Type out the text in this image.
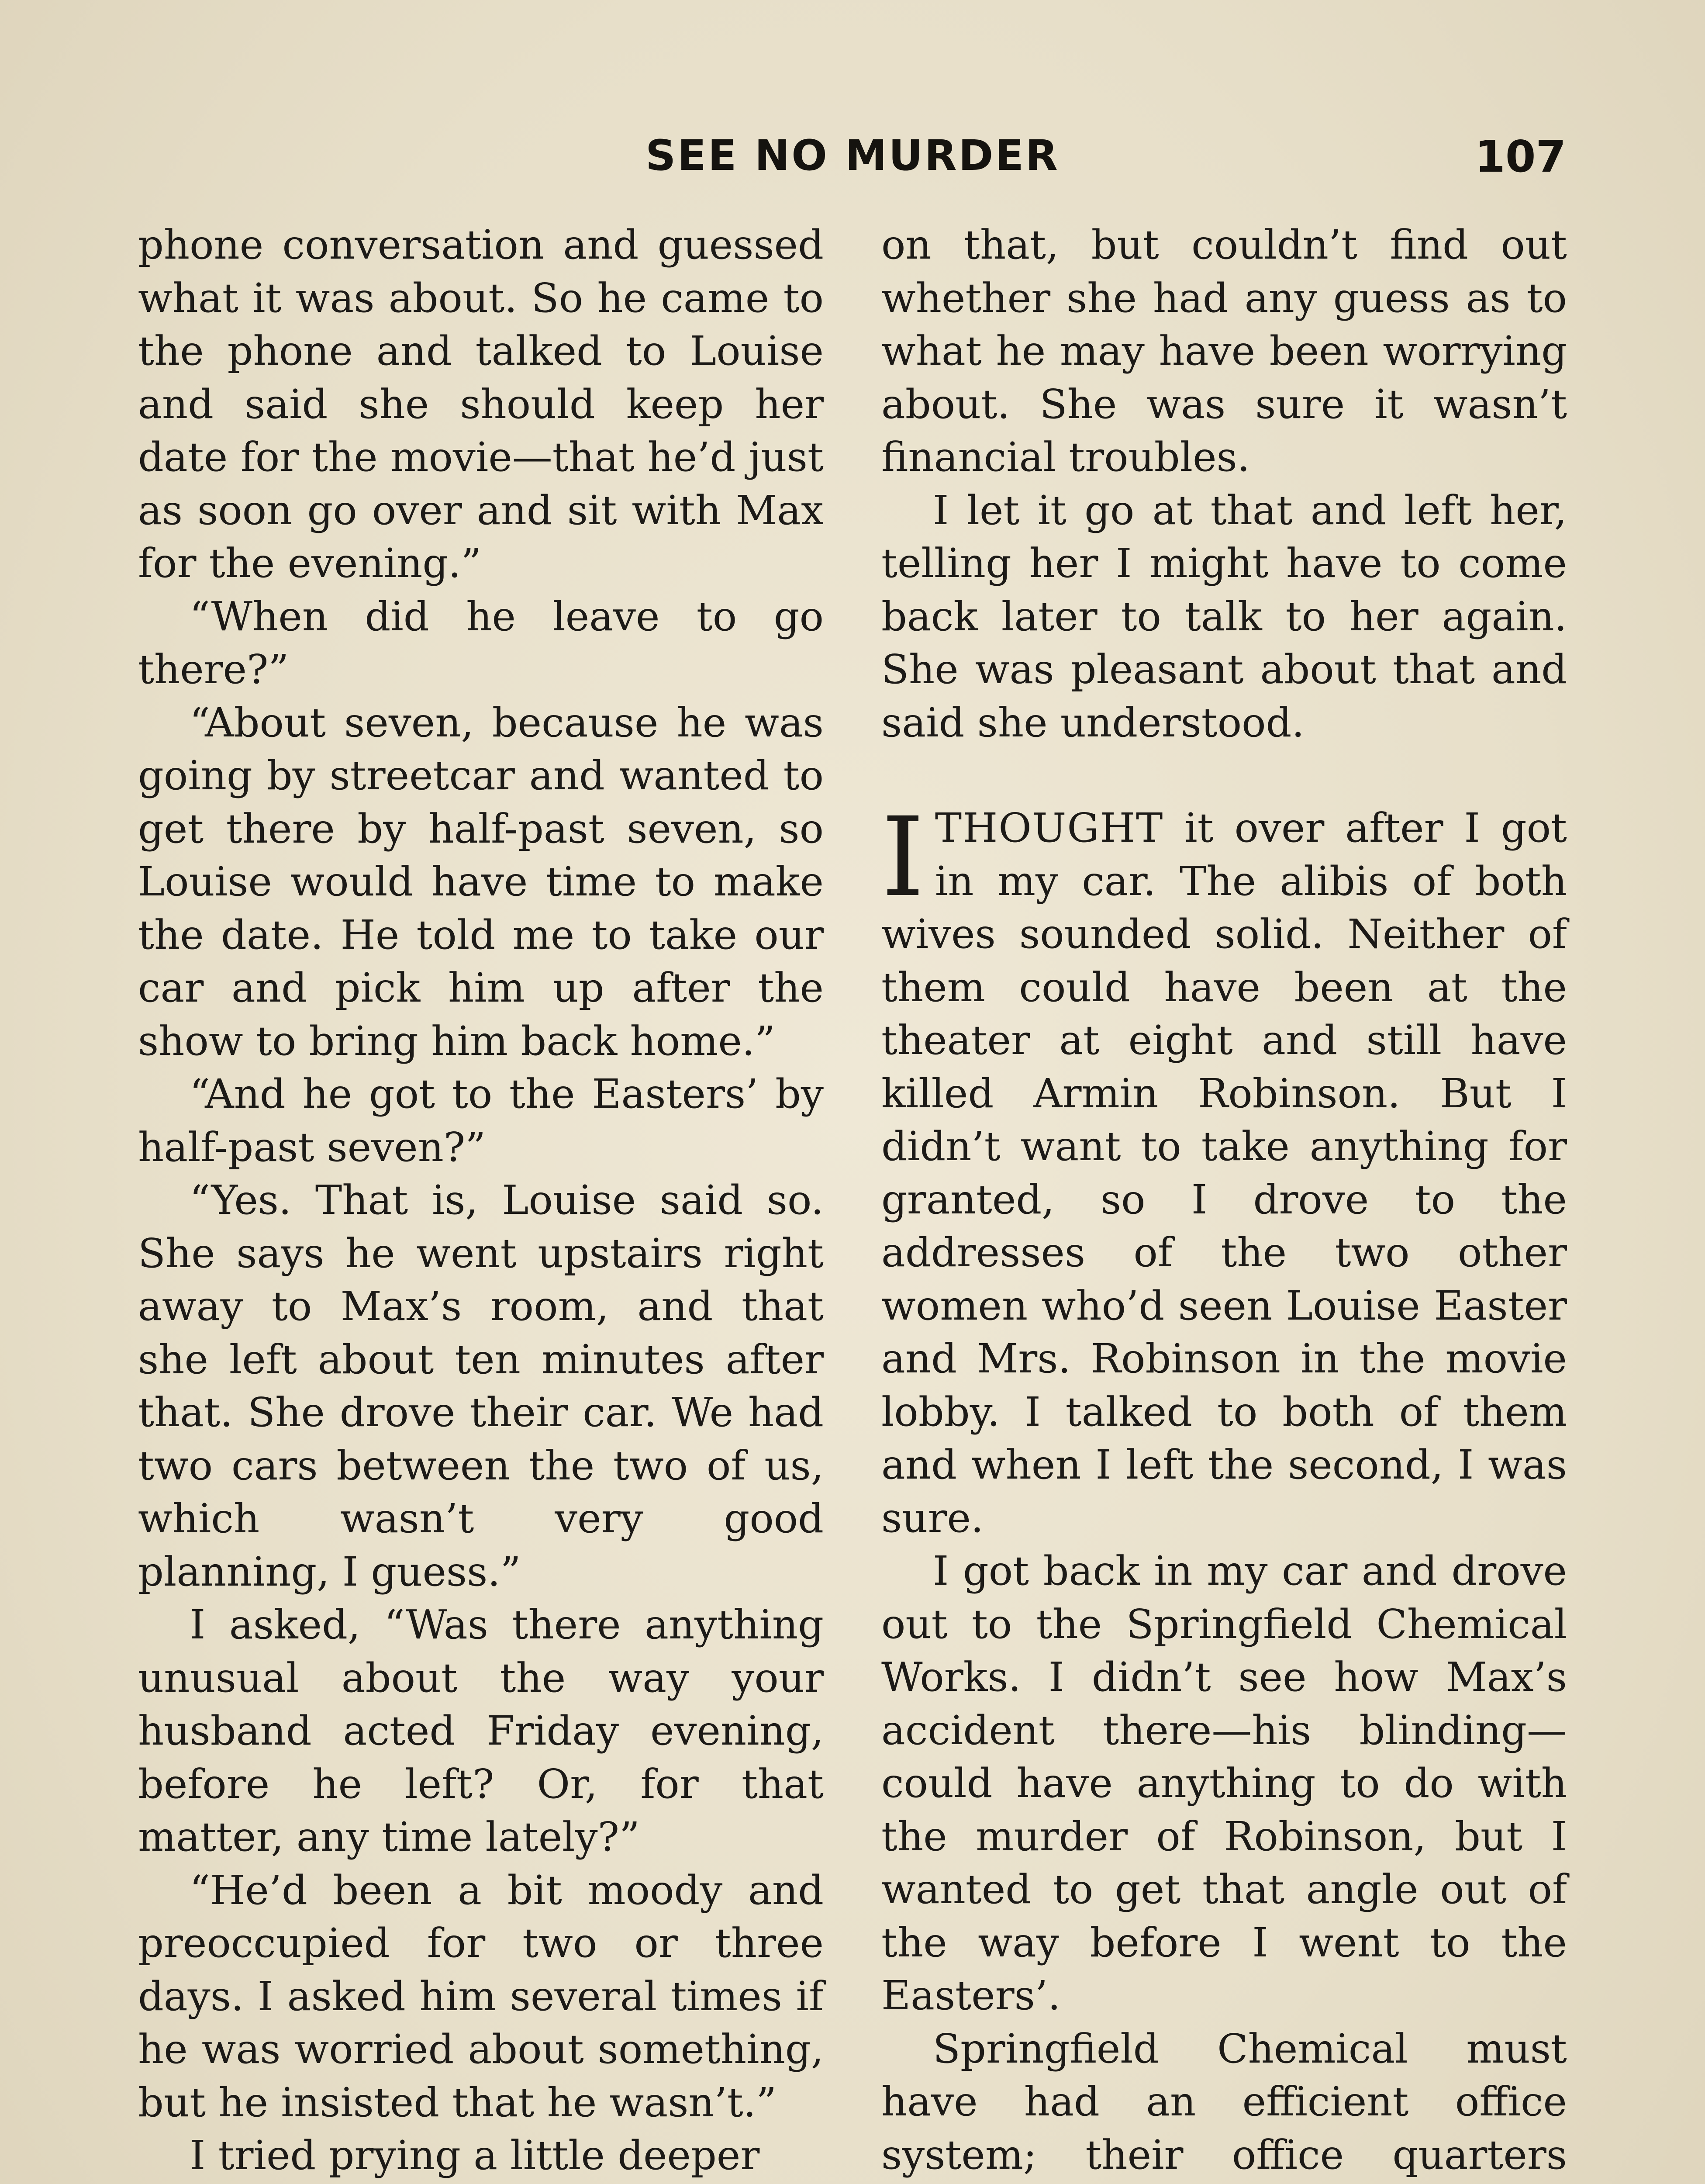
SEE NO MURDER	107

phone conversation and guessed what it was about. So he came to the phone and talked to Louise and said she should keep her date for the movie—that he’d just as soon go over and sit with Max for the evening.”

“When did he leave to go there?”

“About seven, because he was going by streetcar and wanted to get there by half-past seven, so Louise would have time to make the date. He told me to take our car and pick him up after the show to bring him back home.”

“And he got to the Easters’ by half-past seven?”

“Yes. That is, Louise said so. She says he went upstairs right away to Max’s room, and that she left about ten minutes after that. She drove their car. We had two cars between the two of us, which wasn’t very good planning, I guess.”

I asked, “Was there anything unusual about the way your husband acted Friday evening, before he left? Or, for that matter, any time lately?”

“He’d been a bit moody and preoccupied for two or three days. I asked him several times if he was worried about something, but he insisted that he wasn’t.”

I tried prying a little deeper

on that, but couldn’t find out whether she had any guess as to what he may have been worrying about. She was sure it wasn’t financial troubles.

I let it go at that and left her, telling her I might have to come back later to talk to her again. She was pleasant about that and said she understood.

ITHOUGHT it over after I got in my car. The alibis of both wives sounded solid. Neither of them could have been at the theater at eight and still have killed Armin Robinson. But I didn’t want to take anything for granted, so I drove to the addresses of the two other women who’d seen Louise Easter and Mrs. Robinson in the movie lobby. I talked to both of them and when I left the second, I was sure.

I got back in my car and drove out to the Springfield Chemical Works. I didn’t see how Max’s accident there—his blinding—could have anything to do with the murder of Robinson, but I wanted to get that angle out of the way before I went to the Easters’.

Springfield Chemical must have had an efficient office system; their office quarters
